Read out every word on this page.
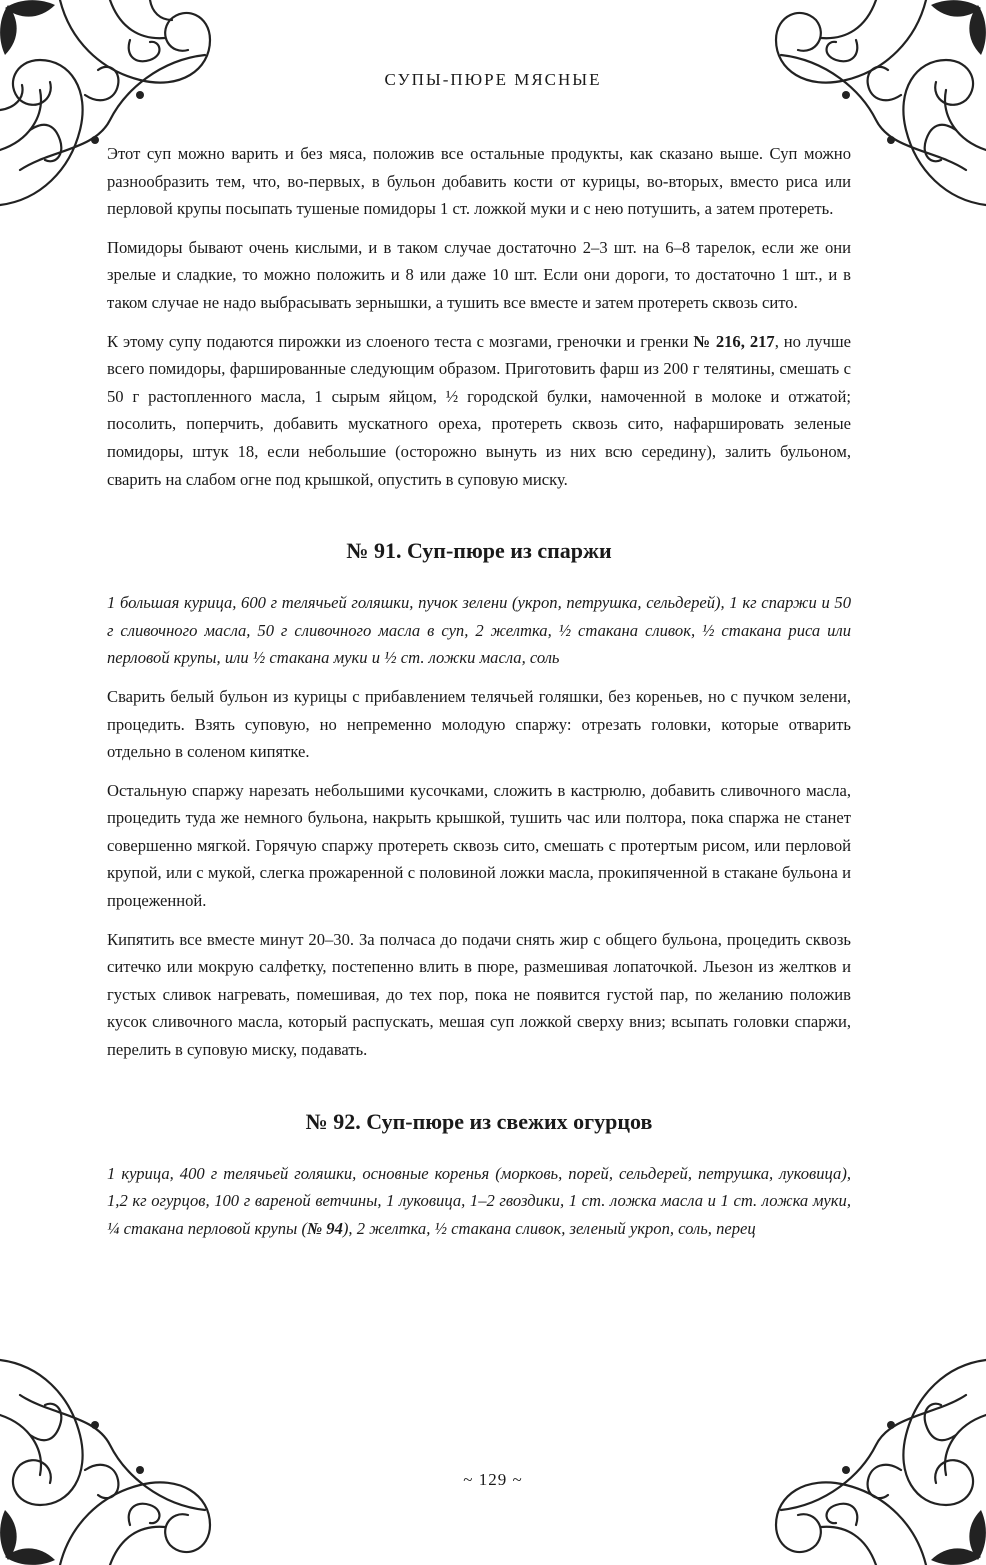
СУПЫ-ПЮРЕ МЯСНЫЕ

Этот суп можно варить и без мяса, положив все остальные продукты, как сказано выше. Суп можно разнообразить тем, что, во-первых, в бульон добавить кости от курицы, во-вторых, вместо риса или перловой крупы посыпать тушеные помидоры 1 ст. ложкой муки и с нею потушить, а затем протереть.

Помидоры бывают очень кислыми, и в таком случае достаточно 2–3 шт. на 6–8 тарелок, если же они зрелые и сладкие, то можно положить и 8 или даже 10 шт. Если они дороги, то достаточно 1 шт., и в таком случае не надо выбрасывать зернышки, а тушить все вместе и затем протереть сквозь сито.

К этому супу подаются пирожки из слоеного теста с мозгами, греночки и гренки № 216, 217, но лучше всего помидоры, фаршированные следующим образом. Приготовить фарш из 200 г телятины, смешать с 50 г растопленного масла, 1 сырым яйцом, ½ городской булки, намоченной в молоке и отжатой; посолить, поперчить, добавить мускатного ореха, протереть сквозь сито, нафаршировать зеленые помидоры, штук 18, если небольшие (осторожно вынуть из них всю середину), залить бульоном, сварить на слабом огне под крышкой, опустить в суповую миску.

№ 91. Суп-пюре из спаржи

1 большая курица, 600 г телячьей голяшки, пучок зелени (укроп, петрушка, сельдерей), 1 кг спаржи и 50 г сливочного масла, 50 г сливочного масла в суп, 2 желтка, ½ стакана сливок, ½ стакана риса или перловой крупы, или ½ стакана муки и ½ ст. ложки масла, соль

Сварить белый бульон из курицы с прибавлением телячьей голяшки, без кореньев, но с пучком зелени, процедить. Взять суповую, но непременно молодую спаржу: отрезать головки, которые отварить отдельно в соленом кипятке.

Остальную спаржу нарезать небольшими кусочками, сложить в кастрюлю, добавить сливочного масла, процедить туда же немного бульона, накрыть крышкой, тушить час или полтора, пока спаржа не станет совершенно мягкой. Горячую спаржу протереть сквозь сито, смешать с протертым рисом, или перловой крупой, или с мукой, слегка прожаренной с половиной ложки масла, прокипяченной в стакане бульона и процеженной.

Кипятить все вместе минут 20–30. За полчаса до подачи снять жир с общего бульона, процедить сквозь ситечко или мокрую салфетку, постепенно влить в пюре, размешивая лопаточкой. Льезон из желтков и густых сливок нагревать, помешивая, до тех пор, пока не появится густой пар, по желанию положив кусок сливочного масла, который распускать, мешая суп ложкой сверху вниз; всыпать головки спаржи, перелить в суповую миску, подавать.

№ 92. Суп-пюре из свежих огурцов

1 курица, 400 г телячьей голяшки, основные коренья (морковь, порей, сельдерей, петрушка, луковица), 1,2 кг огурцов, 100 г вареной ветчины, 1 луковица, 1–2 гвоздики, 1 ст. ложка масла и 1 ст. ложка муки, ¼ стакана перловой крупы (№ 94), 2 желтка, ½ стакана сливок, зеленый укроп, соль, перец

~ 129 ~
